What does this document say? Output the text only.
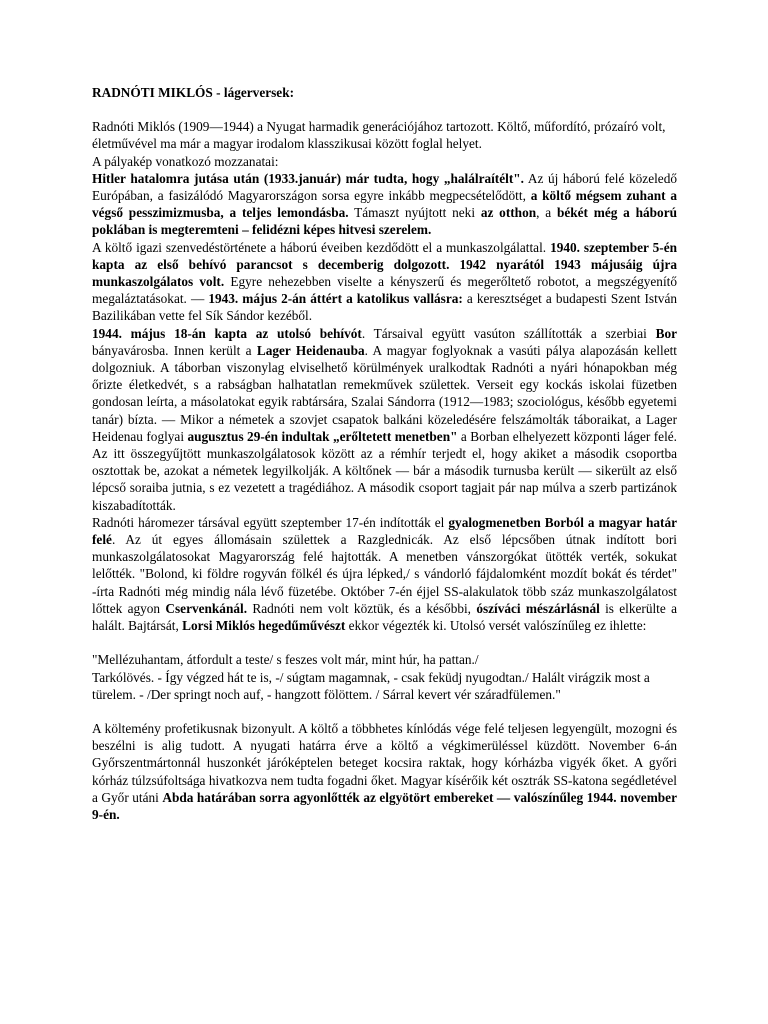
RADNÓTI MIKLÓS - lágerversek:

Radnóti Miklós (1909—1944) a Nyugat harmadik generációjához tartozott. Költő, műfordító, prózaíró volt, életművével ma már a magyar irodalom klasszikusai között foglal helyet.

A pályakép vonatkozó mozzanatai:

Hitler hatalomra jutása után (1933.január) már tudta, hogy „halálraítélt". Az új háború felé közeledő Európában, a fasizálódó Magyarországon sorsa egyre inkább megpecsételődött, a költő mégsem zuhant a végső pesszimizmusba, a teljes lemondásba. Támaszt nyújtott neki az otthon, a békét még a háború poklában is megteremteni – felidézni képes hitvesi szerelem.

A költő igazi szenvedéstörténete a háború éveiben kezdődött el a munkaszolgálattal. 1940. szeptember 5-én kapta az első behívó parancsot s decemberig dolgozott. 1942 nyarától 1943 májusáig újra munkaszolgálatos volt. Egyre nehezebben viselte a kényszerű és megerőltető robotot, a megszégyenítő megaláztatásokat. — 1943. május 2-án áttért a katolikus vallásra: a keresztséget a budapesti Szent István Bazilikában vette fel Sík Sándor kezéből.

1944. május 18-án kapta az utolsó behívót. Társaival együtt vasúton szállították a szerbiai Bor bányavárosba. Innen került a Lager Heidenauba. A magyar foglyoknak a vasúti pálya alapozásán kellett dolgozniuk. A táborban viszonylag elviselhető körülmények uralkodtak Radnóti a nyári hónapokban még őrizte életkedvét, s a rabságban halhatatlan remekművek születtek. Verseit egy kockás iskolai füzetben gondosan leírta, a másolatokat egyik rabtársára, Szalai Sándorra (1912—1983; szociológus, később egyetemi tanár) bízta. — Mikor a németek a szovjet csapatok balkáni közeledésére felszámolták táboraikat, a Lager Heidenau foglyai augusztus 29-én indultak „erőltetett menetben" a Borban elhelyezett központi láger felé. Az itt összegyűjtött munkaszolgálatosok között az a rémhír terjedt el, hogy akiket a második csoportba osztottak be, azokat a németek legyilkolják. A költőnek — bár a második turnusba került — sikerült az első lépcső soraiba jutnia, s ez vezetett a tragédiához. A második csoport tagjait pár nap múlva a szerb partizánok kiszabadították.

Radnóti háromezer társával együtt szeptember 17-én indították el gyalogmenetben Borból a magyar határ felé. Az út egyes állomásain születtek a Razglednicák. Az első lépcsőben útnak indított bori munkaszolgálatosokat Magyarország felé hajtották. A menetben vánszorgókat ütötték verték, sokukat lelőtték. "Bolond, ki földre rogyván fölkél és újra lépked,/ s vándorló fájdalomként mozdít bokát és térdet" -írta Radnóti még mindig nála lévő füzetébe. Október 7-én éjjel SS-alakulatok több száz munkaszolgálatost lőttek agyon Cservenkánál. Radnóti nem volt köztük, és a későbbi, ószíváci mészárlásnál is elkerülte a halált. Bajtársát, Lorsi Miklós hegedűművészt ekkor végezték ki. Utolsó versét valószínűleg ez ihlette:

"Mellézuhantam, átfordult a teste/ s feszes volt már, mint húr, ha pattan./

Tarkólövés. - Így végzed hát te is, -/ súgtam magamnak, - csak feküdj nyugodtan./ Halált virágzik most a türelem. - /Der springt noch auf, - hangzott fölöttem. / Sárral kevert vér száradfülemen."

A költemény profetikusnak bizonyult. A költő a többhetes kínlódás vége felé teljesen legyengült, mozogni és beszélni is alig tudott. A nyugati határra érve a költő a végkimerüléssel küzdött. November 6-án Győrszentmártonnál huszonkét járóképtelen beteget kocsira raktak, hogy kórházba vigyék őket. A győri kórház túlzsúfoltsága hivatkozva nem tudta fogadni őket. Magyar kísérőik két osztrák SS-katona segédletével a Győr utáni Abda határában sorra agyonlőtték az elgyötört embereket — valószínűleg 1944. november 9-én.
